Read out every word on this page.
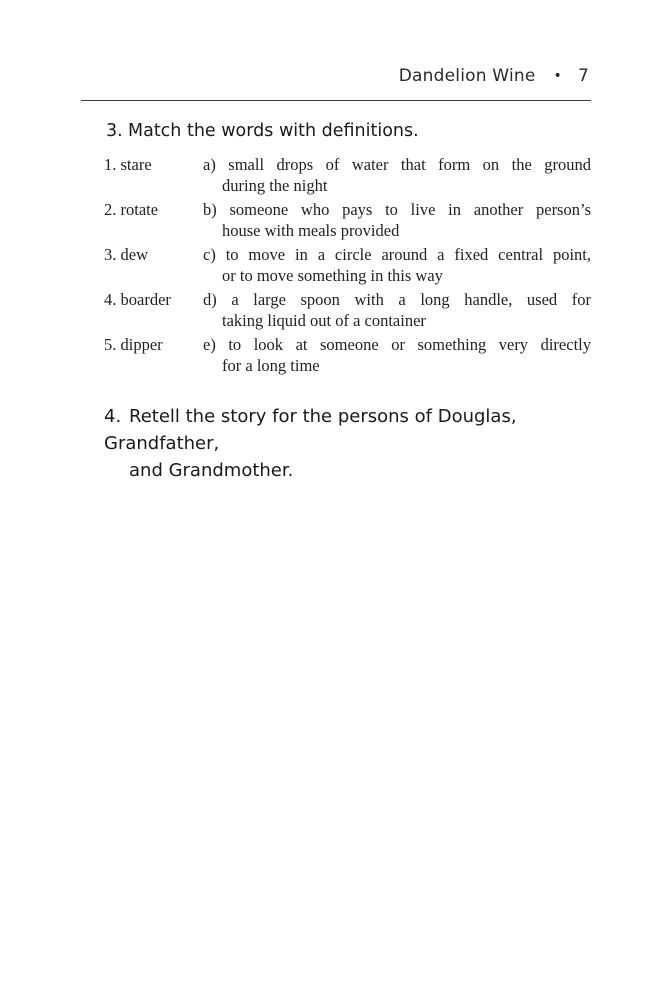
Dandelion Wine • 7
3. Match the words with definitions.
1. stare	a) small drops of water that form on the ground
during the night
2. rotate	b) someone who pays to live in another person’s
house with meals provided
3. dew	c) to move in a circle around a fixed central point,
or to move something in this way
4. boarder	d) a large spoon with a long handle, used for
taking liquid out of a container
5. dipper	e) to look at someone or something very directly
for a long time
4. Retell the story for the persons of Douglas, Grandfather,
and Grandmother.
